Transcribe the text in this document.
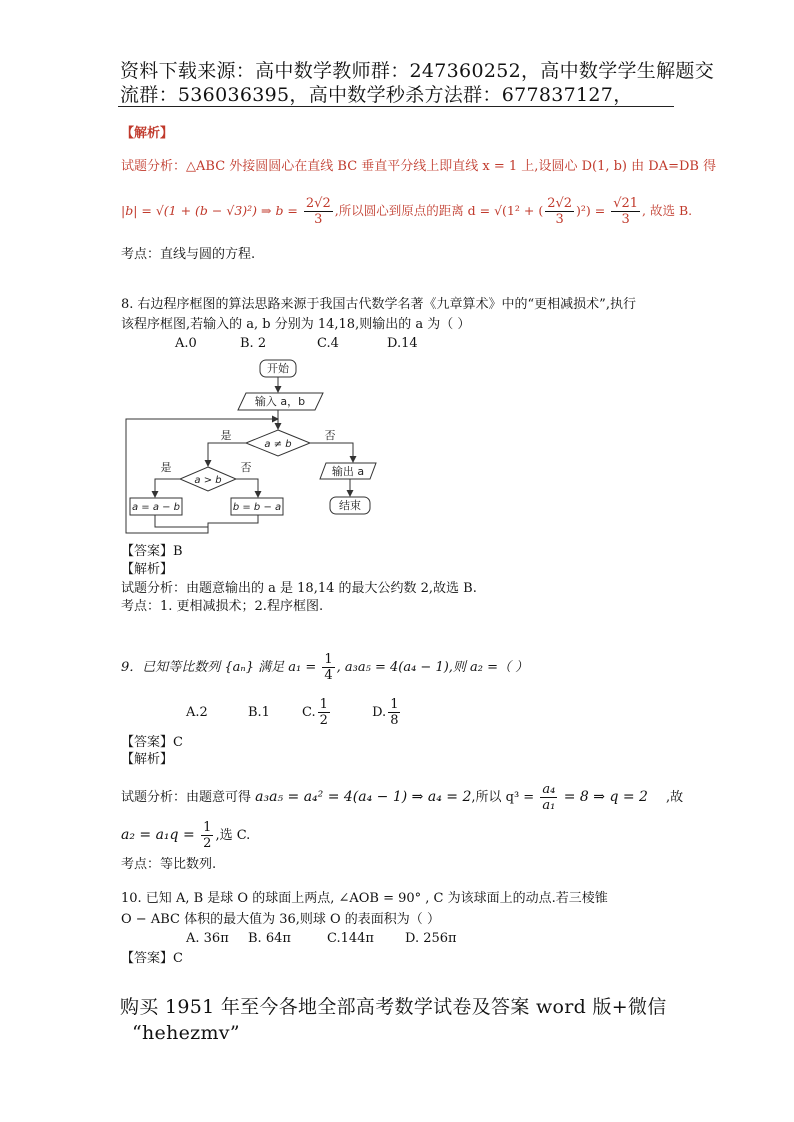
资料下载来源：高中数学教师群：247360252，高中数学学生解题交
流群：536036395，高中数学秒杀方法群：677837127，
【解析】
试题分析：△ABC 外接圆圆心在直线 BC 垂直平分线上即直线 x = 1 上,设圆心 D(1, b) 由 DA=DB 得
|b| = √(1 + (b − √3)²) ⇒ $b = \frac{2√2}{3}$ ,所以圆心到原点的距离 d = √(1² + ( $\frac{2√2}{3} )^2) = \frac{√21}{3}$ , 故选 B.
考点：直线与圆的方程.
8. 右边程序框图的算法思路来源于我国古代数学名著《九章算术》中的“更相减损术”,执行
该程序框图,若输入的 a, b 分别为 14,18,则输出的 a 为（ ）
A.0	B. 2	C.4	D.14
开始
输入 a，b
a ≠ b
是	否
a > b
是	否
a = a − b	b = b − a
输出 a
结束
【答案】B
【解析】
试题分析：由题意输出的 a 是 18,14 的最大公约数 2,故选 B.
考点：1. 更相减损术；2.程序框图.
9．已知等比数列 {aₙ} 满足 $a_1 = \frac{1}{4}$ , a₃a₅ = 4(a₄ − 1),则 a₂ =（ ）
A.2	B.1 C. $\frac{1}{2}$	D. $\frac{1}{8}$
【答案】C
【解析】
试题分析：由题意可得 a₃a₅ = a₄² = 4(a₄ − 1) ⇒ a₄ = 2,所以 $q^3 = \frac{\text{a₄}}{\text{a₁}} = 8$ ⇒ q = 2 ,故
$a_2 = a_1q = \frac{1}{2}$ ,选 C.
考点：等比数列.
10. 已知 A, B 是球 O 的球面上两点, ∠AOB = 90° , C 为该球面上的动点.若三棱锥
O − ABC 体积的最大值为 36,则球 O 的表面积为（ ）
A. 36π B. 64π	C.144π D. 256π
【答案】C
购买 1951 年至今各地全部高考数学试卷及答案 word 版+微信
“hehezmv”
